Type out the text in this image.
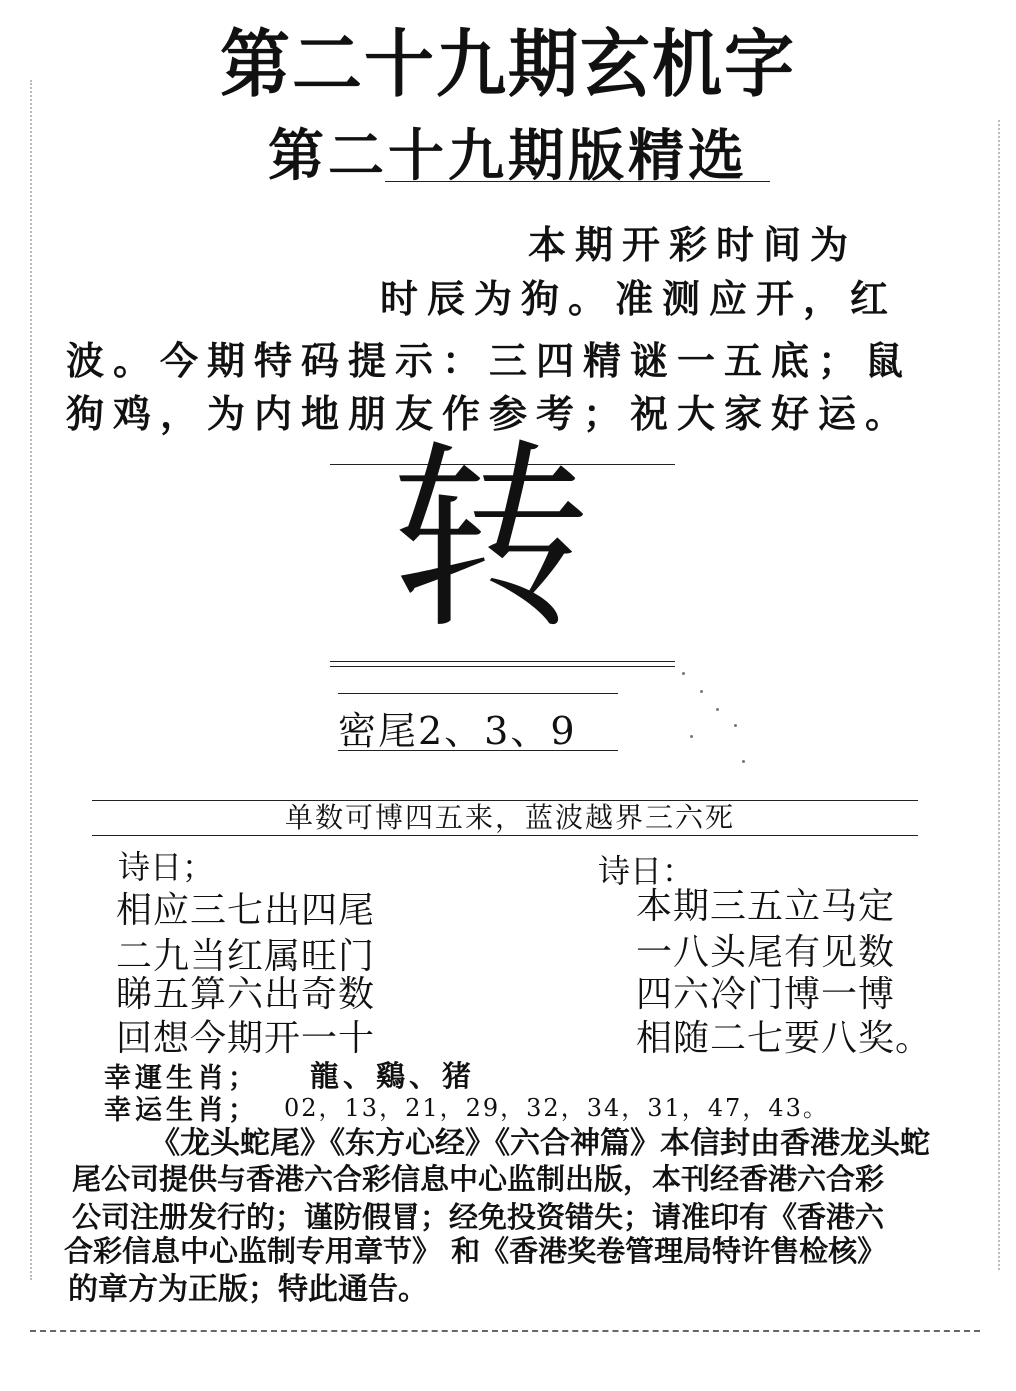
第二十九期玄机字
第二十九期版精选
本期开彩时间为
时辰为狗。准测应开，红
波。今期特码提示：三四精谜一五底；鼠
狗鸡，为内地朋友作参考；祝大家好运。
转
密尾2、3、9
单数可博四五来，蓝波越界三六死
诗日；
相应三七出四尾
二九当红属旺门
睇五算六出奇数
回想今期开一十
诗日：
本期三五立马定
一八头尾有见数
四六冷门博一博
相随二七要八奖。
幸運生肖； 龍、鷄、猪
幸运生肖； 02，13，21，29，32，34，31，47，43。
《龙头蛇尾》《东方心经》《六合神篇》本信封由香港龙头蛇
尾公司提供与香港六合彩信息中心监制出版，本刊经香港六合彩
公司注册发行的；谨防假冒；经免投资错失；请准印有《香港六
合彩信息中心监制专用章节》 和《香港奖卷管理局特许售检核》
的章方为正版；特此通告。
